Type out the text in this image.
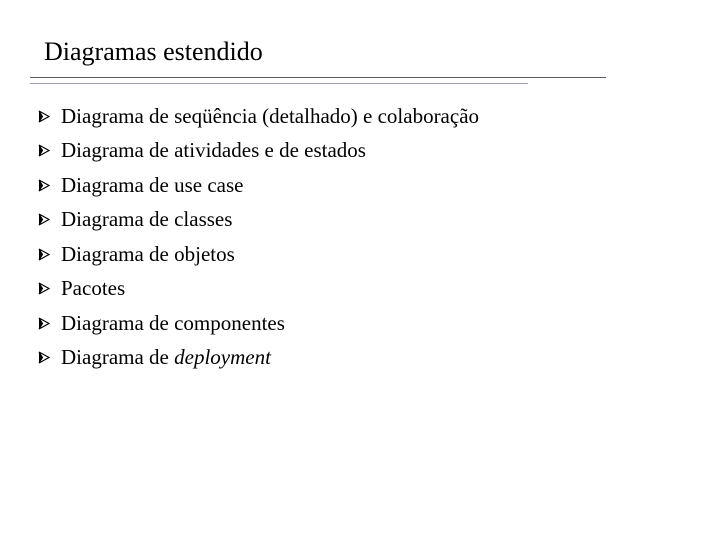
Diagramas estendido
Diagrama de seqüência (detalhado) e colaboração
Diagrama de atividades e de estados
Diagrama de use case
Diagrama de classes
Diagrama de objetos
Pacotes
Diagrama de componentes
Diagrama de deployment
